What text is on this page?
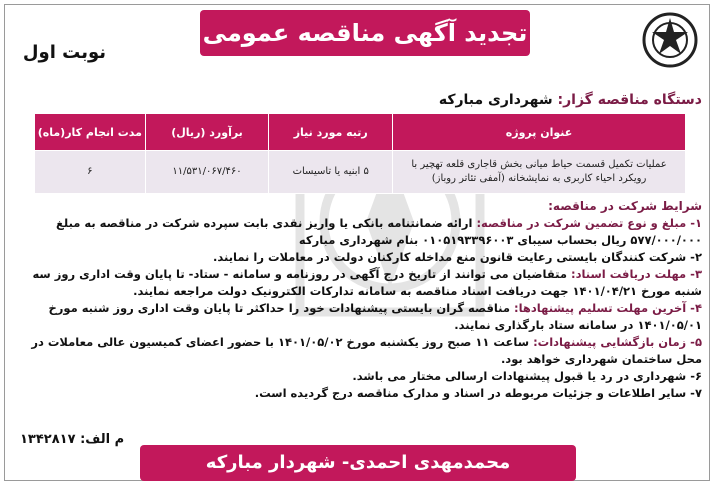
تجدید آگهی مناقصه عمومی
نوبت اول
دستگاه مناقصه گزار: شهرداری مبارکه
عنوان پروژه	رتبه مورد نیاز	برآورد (ریال)	مدت انجام کار(ماه)
عملیات تکمیل قسمت حیاط میانی بخش قاجاری قلعه تهچیر با رویکرد احیاء کاربری به نمایشخانه (آمفی تئاتر روباز)	۵ ابنیه یا تاسیسات	۱۱/۵۳۱/۰۶۷/۴۶۰	۶
شرایط شرکت در مناقصه:
۱- مبلغ و نوع تضمین شرکت در مناقصه: ارائه ضمانتنامه بانکی یا واریز نقدی بابت سپرده شرکت در مناقصه به مبلغ ۵۷۷/۰۰۰/۰۰۰ ریال بحساب سیبای ۰۱۰۵۱۹۳۳۹۶۰۰۳ بنام شهرداری مبارکه
۲- شرکت کنندگان بایستی رعایت قانون منع مداخله کارکنان دولت در معاملات را نمایند.
۳- مهلت دریافت اسناد: متقاضیان می توانند از تاریخ درج آگهی در روزنامه و سامانه - ستاد- تا پایان وقت اداری روز سه شنبه مورخ ۱۴۰۱/۰۴/۲۱ جهت دریافت اسناد مناقصه به سامانه تدارکات الکترونیک دولت مراجعه نمایند.
۴- آخرین مهلت تسلیم پیشنهادها: مناقصه گران بایستی پیشنهادات خود را حداکثر تا پایان وقت اداری روز شنبه مورخ ۱۴۰۱/۰۵/۰۱ در سامانه ستاد بارگذاری نمایند.
۵- زمان بازگشایی پیشنهادات: ساعت ۱۱ صبح روز یکشنبه مورخ ۱۴۰۱/۰۵/۰۲ با حضور اعضای کمیسیون عالی معاملات در محل ساختمان شهرداری خواهد بود.
۶- شهرداری در رد یا قبول پیشنهادات ارسالی مختار می باشد.
۷- سایر اطلاعات و جزئیات مربوطه در اسناد و مدارک مناقصه درج گردیده است.
م الف: ۱۳۴۲۸۱۷
محمدمهدی احمدی- شهردار مبارکه
